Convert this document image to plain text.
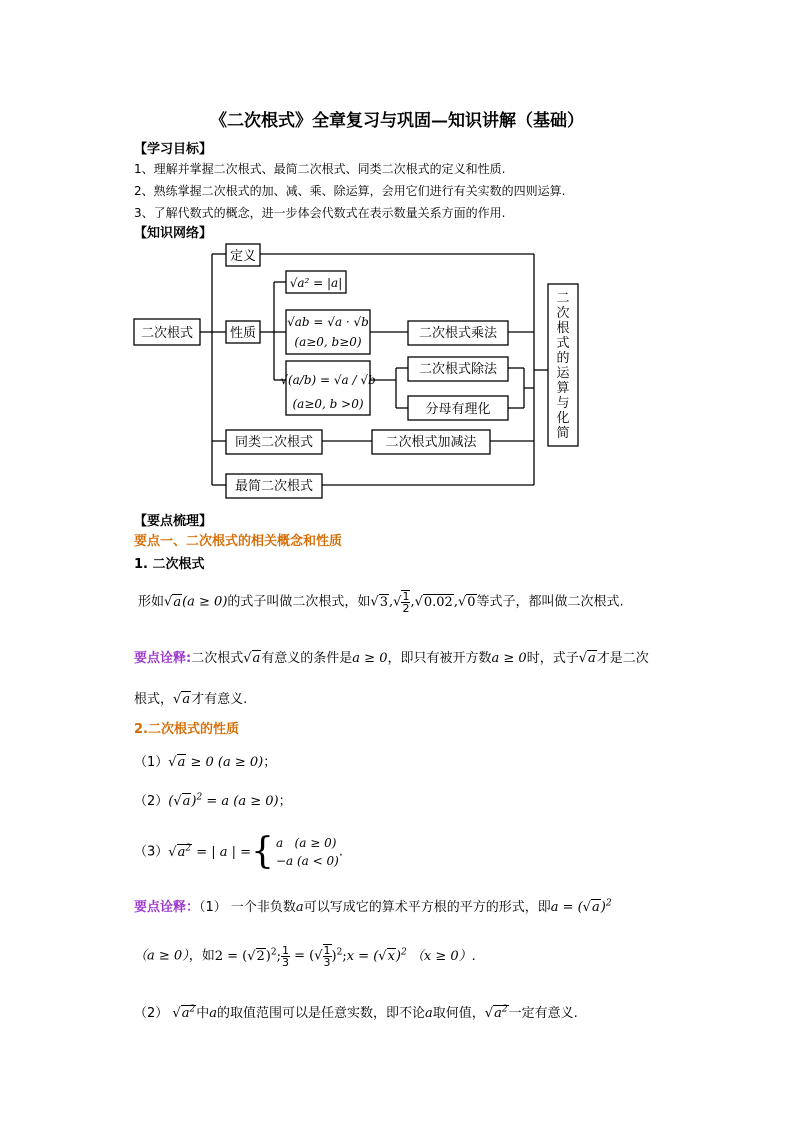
《二次根式》全章复习与巩固—知识讲解（基础）
【学习目标】
1、理解并掌握二次根式、最简二次根式、同类二次根式的定义和性质.
2、熟练掌握二次根式的加、减、乘、除运算，会用它们进行有关实数的四则运算.
3、了解代数式的概念，进一步体会代数式在表示数量关系方面的作用.
【知识网络】
二次根式
定义
性质
√a² = |a|
√ab = √a · √b
(a≥0, b≥0)
√(a/b) = √a / √b
(a≥0, b >0)
二次根式乘法
二次根式除法
分母有理化
同类二次根式	二次根式加减法
最简二次根式
二
次
根
式
的
运
算
与
化
简
【要点梳理】
要点一、二次根式的相关概念和性质
1. 二次根式
形如√a(a ≥ 0)的式子叫做二次根式，如$√3,√ \frac{1}{2} ,√0.02,√0$等式子，都叫做二次根式.
要点诠释:二次根式√a有意义的条件是a ≥ 0，即只有被开方数a ≥ 0时，式子√a才是二次
根式，√a才有意义.
2.二次根式的性质
（1）√a ≥ 0 (a ≥ 0)；
$(2)(√a)^2 = a$ (a ≥ 0)；
$(3)√a^2$ = | a | ={ a   (a ≥ 0)
−a (a < 0)
.
要点诠释：（1） 一个非负数a可以写成它的算术平方根的平方的形式，即$a = (√a)^2$
（a ≥ 0），如$2 = (√2)^2$; $\frac{1}{3}$ = (√ $\frac{1}{3}$ )$^2$;x = $(√x)^2$ （x ≥ 0）.
（2） $√a^2$中a的取值范围可以是任意实数，即不论a取何值，$√a^2$一定有意义.
